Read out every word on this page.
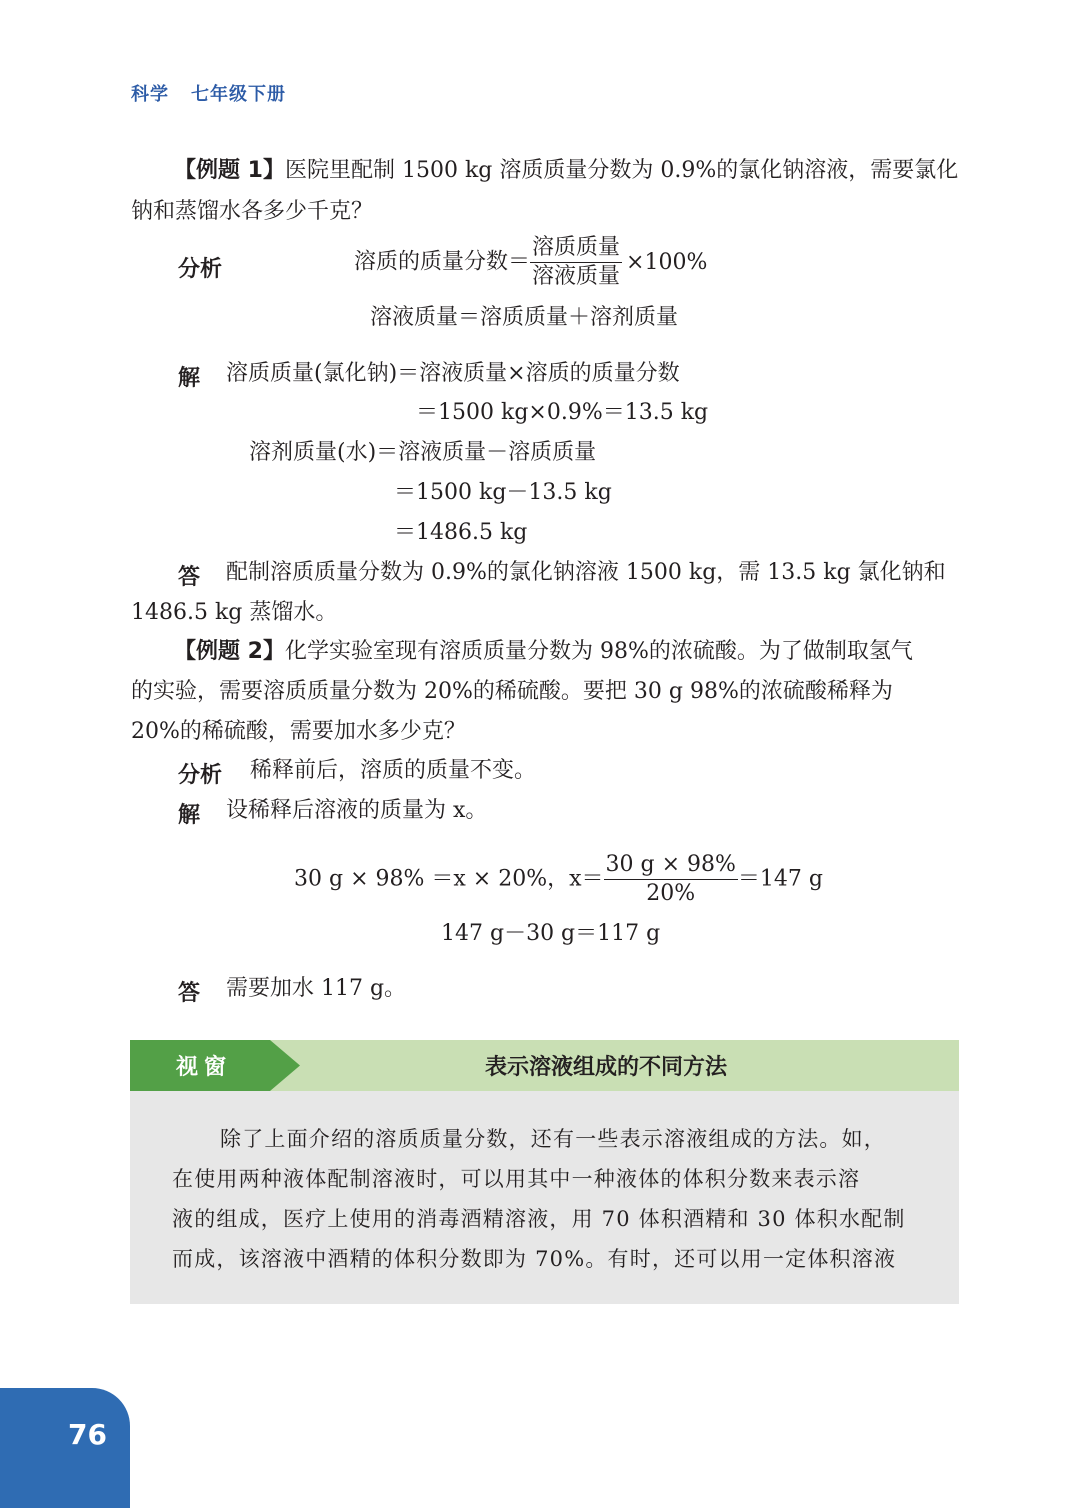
科学 七年级下册
【例题 1】医院里配制 1500 kg 溶质质量分数为 0.9%的氯化钠溶液，需要氯化
钠和蒸馏水各多少千克？
分析	溶质的质量分数＝ $\frac{\text{溶质质量}}{\text{溶液质量}} \times 100\%$
溶液质量＝溶质质量＋溶剂质量
解 溶质质量(氯化钠)＝溶液质量×溶质的质量分数
＝1500 kg×0.9%＝13.5 kg
溶剂质量(水)＝溶液质量－溶质质量
＝1500 kg－13.5 kg
＝1486.5 kg
答 配制溶质质量分数为 0.9%的氯化钠溶液 1500 kg，需 13.5 kg 氯化钠和
1486.5 kg 蒸馏水。
【例题 2】化学实验室现有溶质质量分数为 98%的浓硫酸。为了做制取氢气
的实验，需要溶质质量分数为 20%的稀硫酸。要把 30 g 98%的浓硫酸稀释为
20%的稀硫酸，需要加水多少克？
分析 稀释前后，溶质的质量不变。
解 设稀释后溶液的质量为 x。
30 g × 98% ＝x × 20%，$x= \frac{30 g \times 98\%}{20\%} =147$ g
147 g－30 g＝117 g
答 需要加水 117 g。
视窗	表示溶液组成的不同方法
除了上面介绍的溶质质量分数，还有一些表示溶液组成的方法。如，
在使用两种液体配制溶液时，可以用其中一种液体的体积分数来表示溶
液的组成，医疗上使用的消毒酒精溶液，用 70 体积酒精和 30 体积水配制
而成，该溶液中酒精的体积分数即为 70%。有时，还可以用一定体积溶液
76
